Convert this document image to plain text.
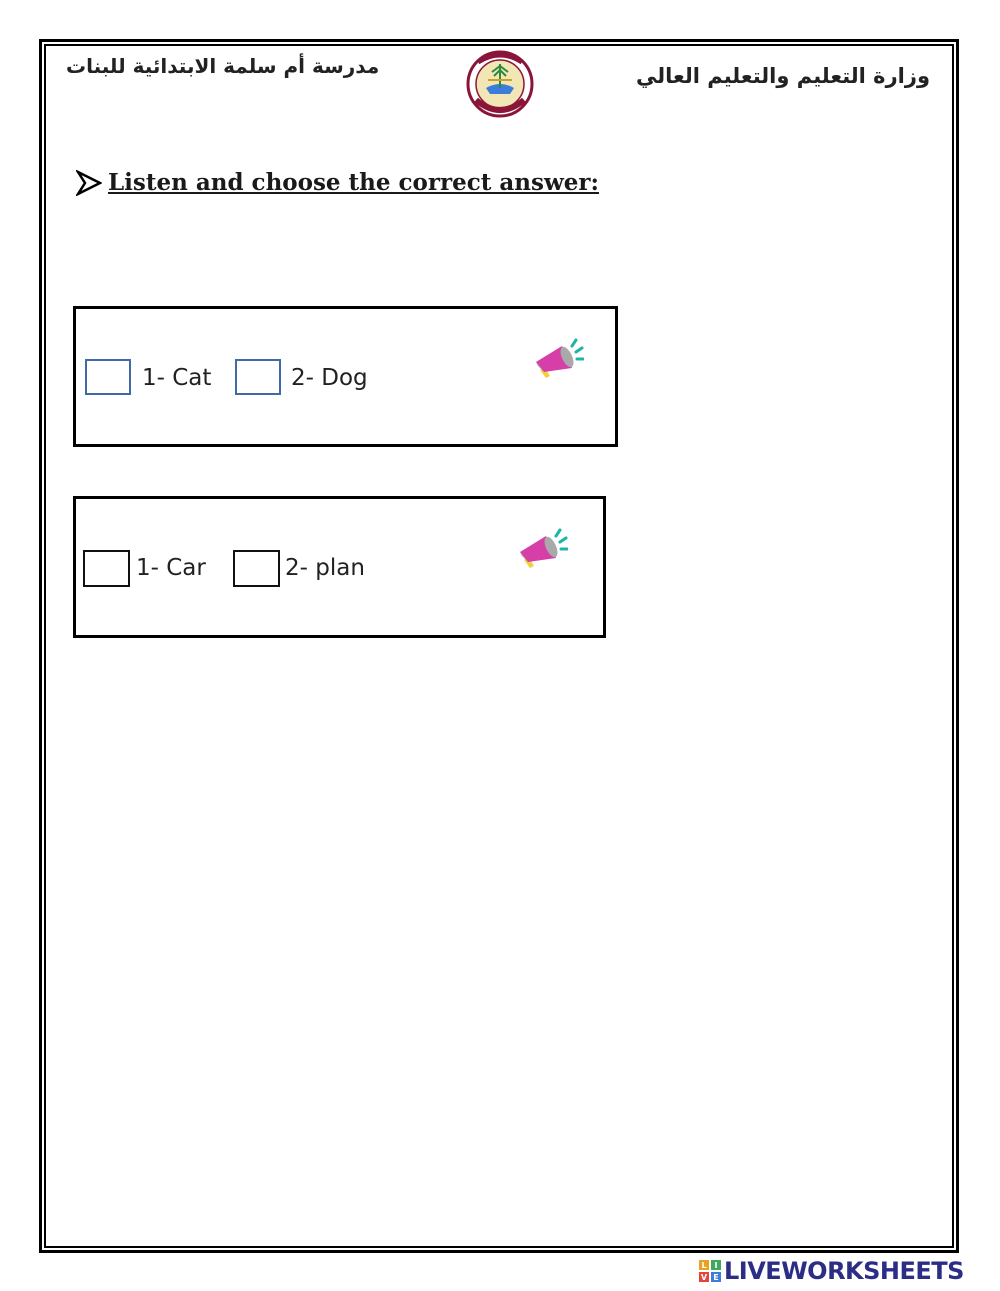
مدرسة أم سلمة الابتدائية للبنات	وزارة التعليم والتعليم العالي
Listen and choose the correct answer:
1- Cat	2- Dog
1- Car	2- plan
L I
V E LIVEWORKSHEETS
